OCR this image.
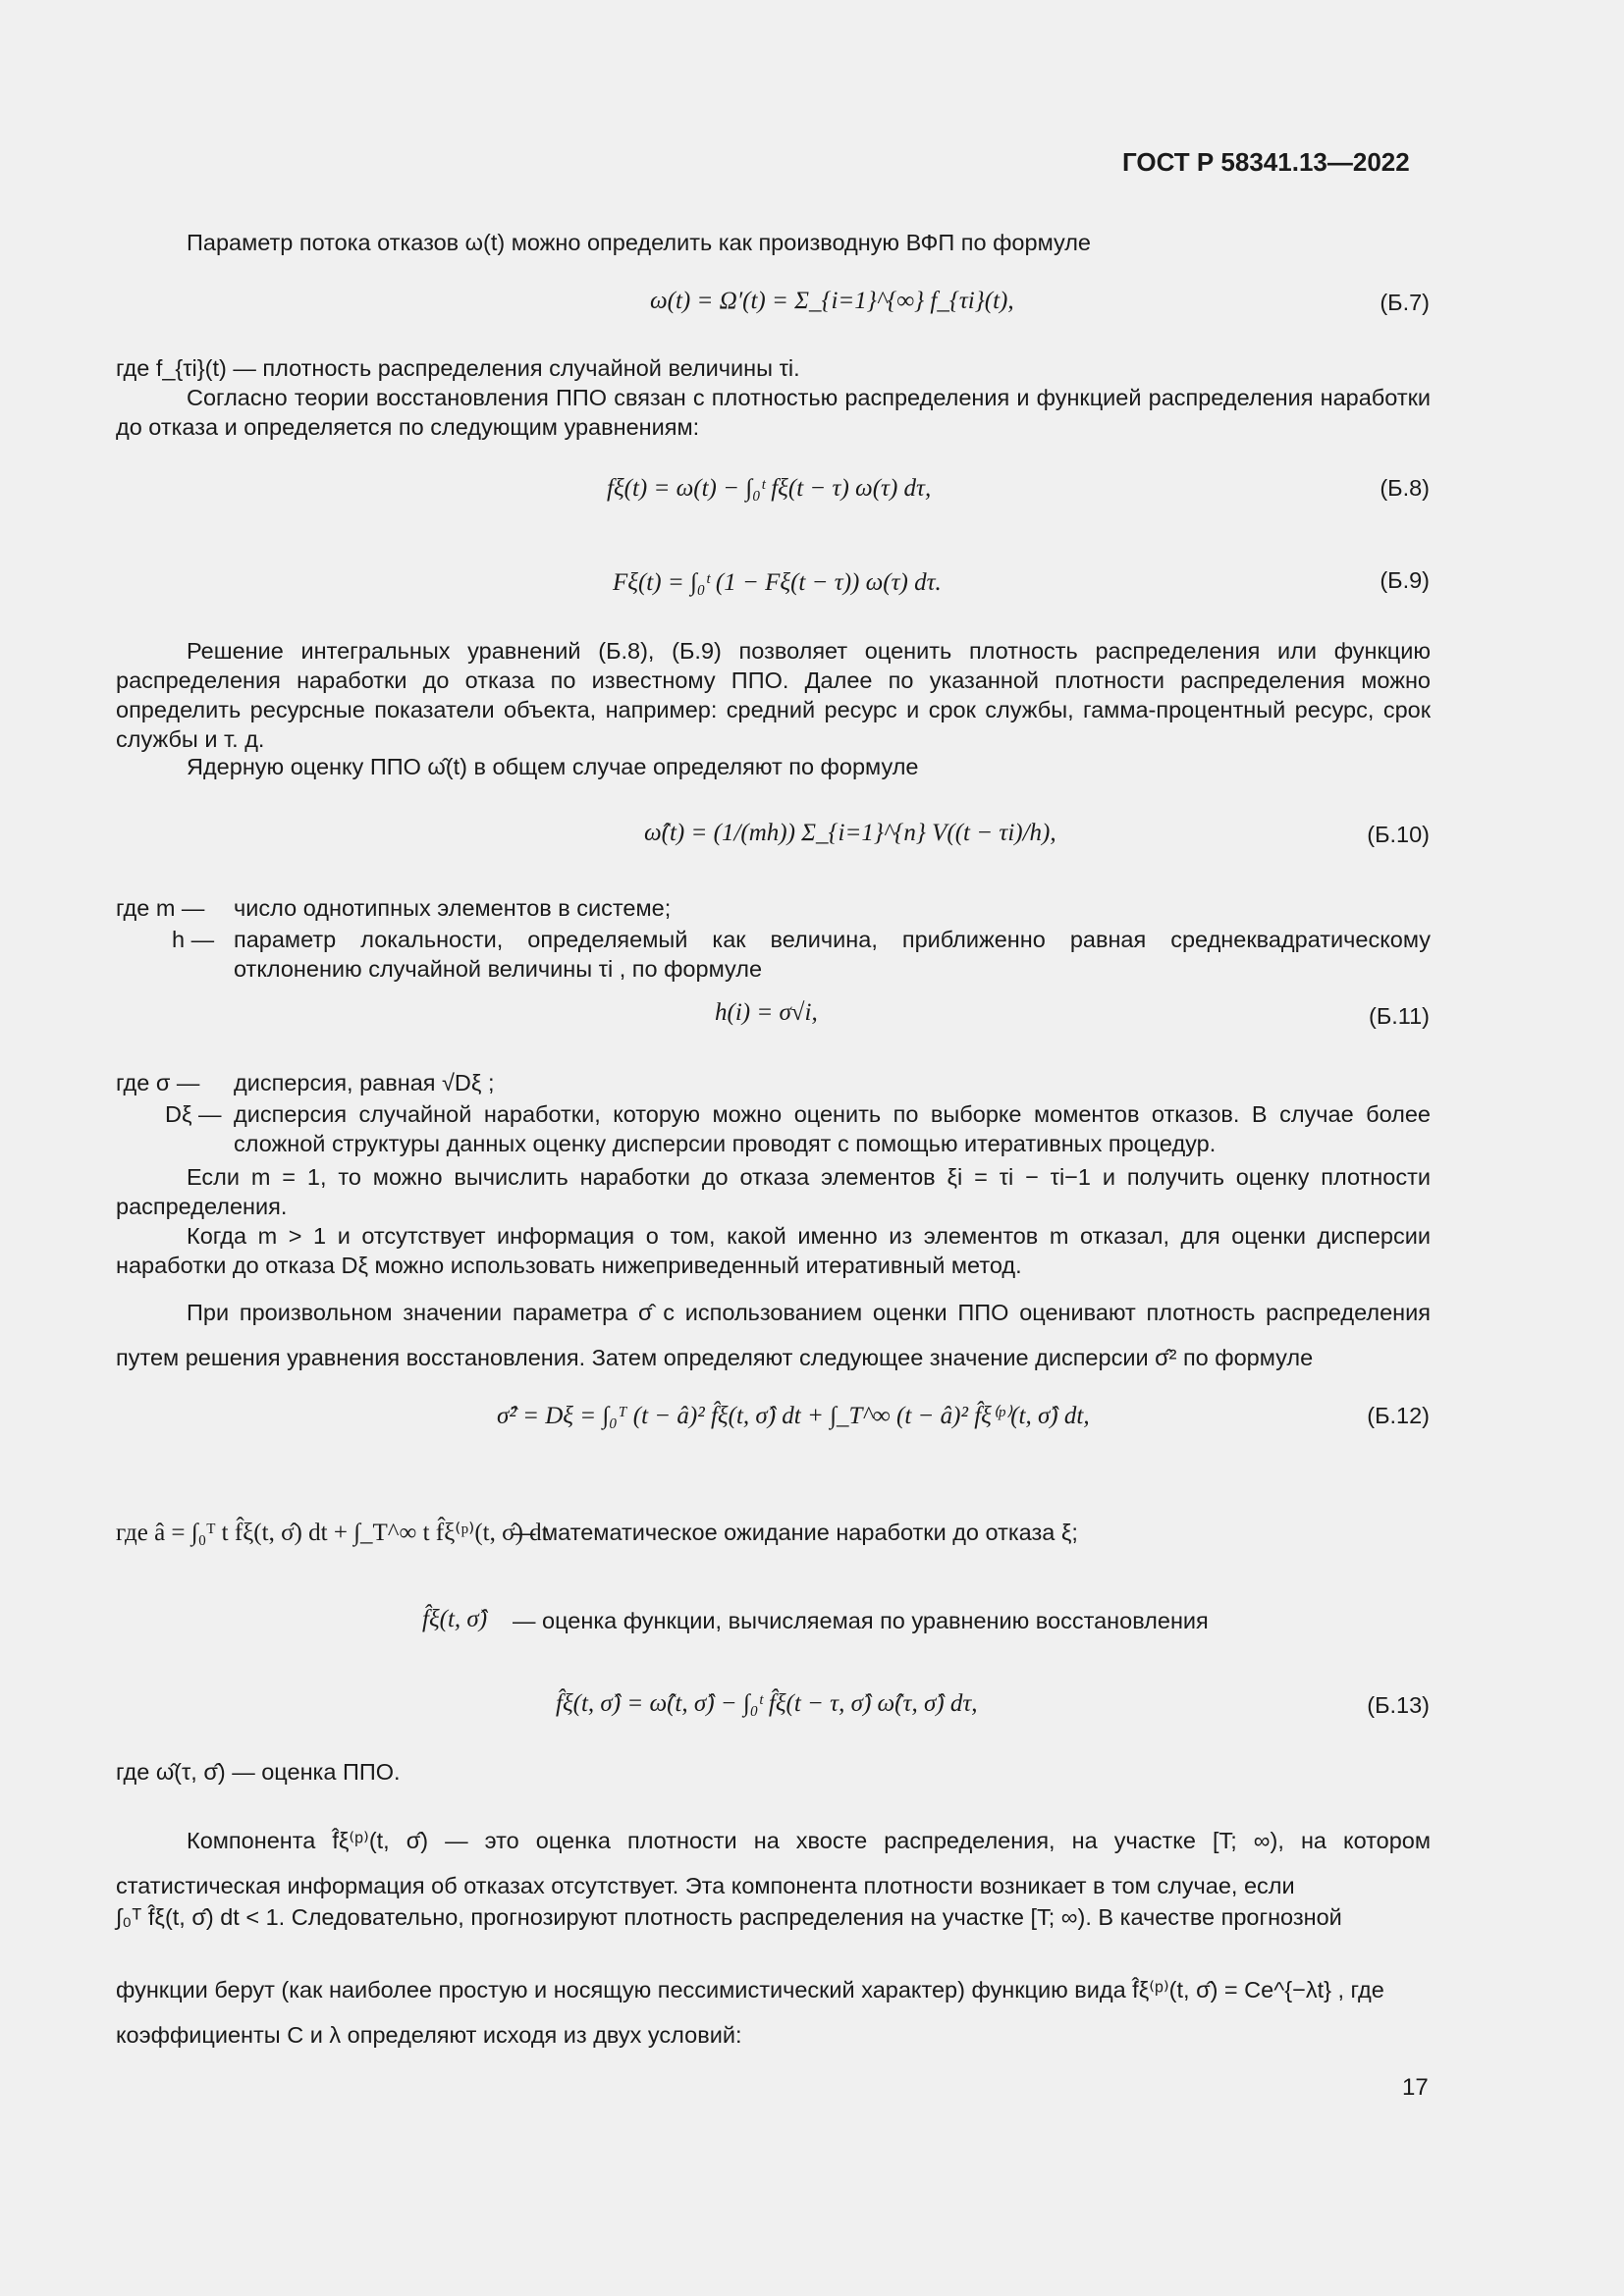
ГОСТ Р 58341.13—2022
Параметр потока отказов ω(t) можно определить как производную ВФП по формуле
ω(t) = Ω′(t) = Σ_{i=1}^{∞} f_{τi}(t),	(Б.7)
где f_{τi}(t) — плотность распределения случайной величины τi.
Согласно теории восстановления ППО связан с плотностью распределения и функцией распределения наработки до отказа и определяется по следующим уравнениям:
fξ(t) = ω(t) − ∫₀ᵗ fξ(t − τ) ω(τ) dτ,	(Б.8)
Fξ(t) = ∫₀ᵗ (1 − Fξ(t − τ)) ω(τ) dτ.	(Б.9)
Решение интегральных уравнений (Б.8), (Б.9) позволяет оценить плотность распределения или функцию распределения наработки до отказа по известному ППО. Далее по указанной плотности распределения можно определить ресурсные показатели объекта, например: средний ресурс и срок службы, гамма-процентный ресурс, срок службы и т. д.
Ядерную оценку ППО ω̂(t) в общем случае определяют по формуле
ω̂(t) = (1/(mh)) Σ_{i=1}^{n} V((t − τi)/h),	(Б.10)
где m — число однотипных элементов в системе;
h — параметр локальности, определяемый как величина, приближенно равная среднеквадратическому отклонению случайной величины τi , по формуле
h(i) = σ√i,	(Б.11)
где σ — дисперсия, равная √Dξ ;
Dξ — дисперсия случайной наработки, которую можно оценить по выборке моментов отказов. В случае более сложной структуры данных оценку дисперсии проводят с помощью итеративных процедур.
Если m = 1, то можно вычислить наработки до отказа элементов ξi = τi − τi−1 и получить оценку плотности распределения.
Когда m > 1 и отсутствует информация о том, какой именно из элементов m отказал, для оценки дисперсии наработки до отказа Dξ можно использовать нижеприведенный итеративный метод.
При произвольном значении параметра σ̂ с использованием оценки ППО оценивают плотность распределения путем решения уравнения восстановления. Затем определяют следующее значение дисперсии σ̂² по формуле
σ̂² = Dξ = ∫₀ᵀ (t − â)² f̂ξ(t, σ̂) dt + ∫_T^∞ (t − â)² f̂ξ⁽ᵖ⁾(t, σ̂) dt,	(Б.12)
где â = ∫₀ᵀ t f̂ξ(t, σ̂) dt + ∫_T^∞ t f̂ξ⁽ᵖ⁾(t, σ̂) dt
— математическое ожидание наработки до отказа ξ;
f̂ξ(t, σ̂) — оценка функции, вычисляемая по уравнению восстановления
f̂ξ(t, σ̂) = ω̂(t, σ̂) − ∫₀ᵗ f̂ξ(t − τ, σ̂) ω̂(τ, σ̂) dτ,	(Б.13)
где ω̂(τ, σ̂) — оценка ППО.
Компонента f̂ξ⁽ᵖ⁾(t, σ̂) — это оценка плотности на хвосте распределения, на участке [T; ∞), на котором статистическая информация об отказах отсутствует. Эта компонента плотности возникает в том случае, если
∫₀ᵀ f̂ξ(t, σ̂) dt < 1. Следовательно, прогнозируют плотность распределения на участке [T; ∞). В качестве прогнозной
функции берут (как наиболее простую и носящую пессимистический характер) функцию вида f̂ξ⁽ᵖ⁾(t, σ̂) = Ce^{−λt} , где
коэффициенты C и λ определяют исходя из двух условий:
17
